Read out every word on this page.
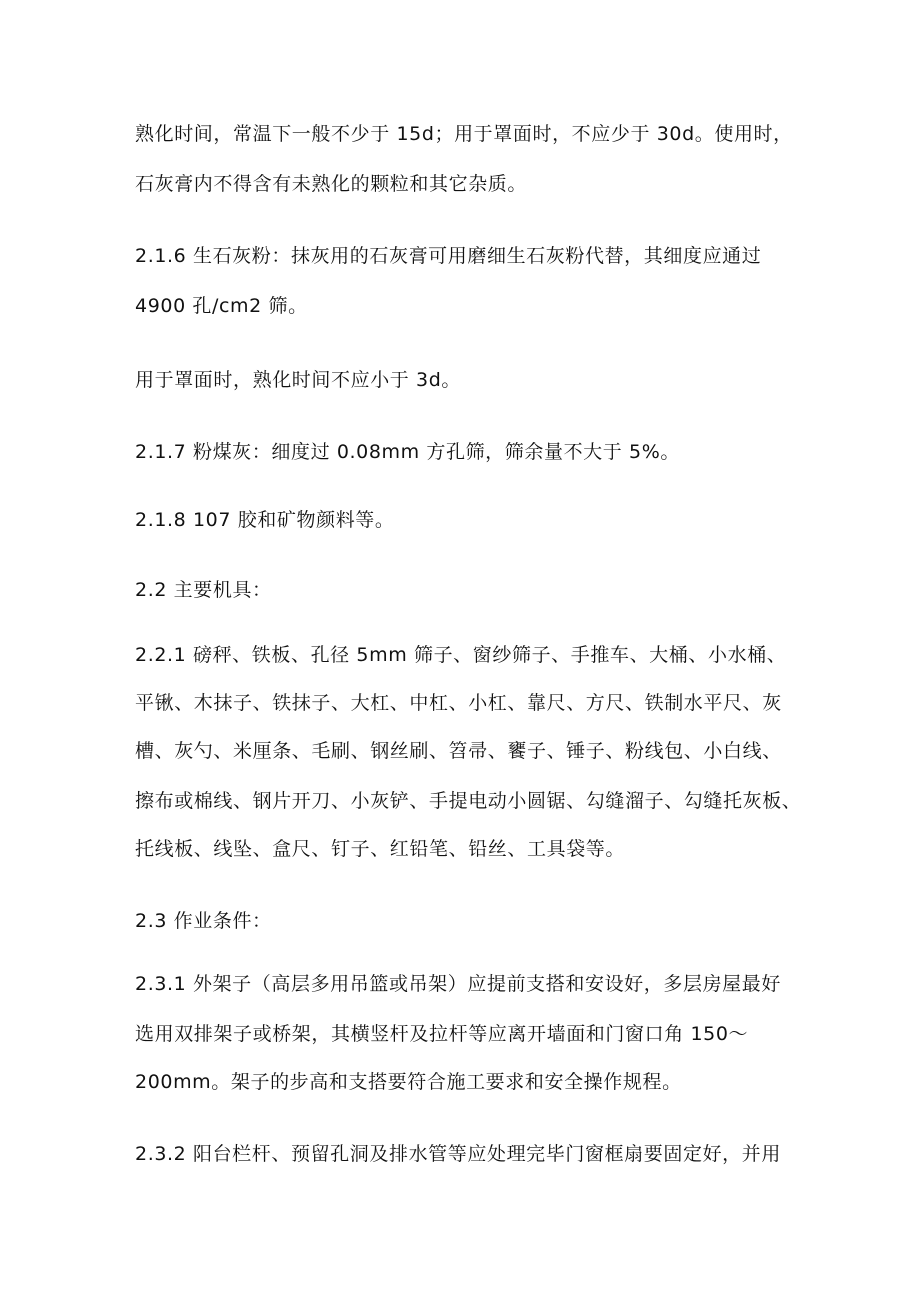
熟化时间，常温下一般不少于 15d；用于罩面时，不应少于 30d。使用时，
石灰膏内不得含有未熟化的颗粒和其它杂质。
2.1.6 生石灰粉：抹灰用的石灰膏可用磨细生石灰粉代替，其细度应通过
4900 孔/cm2 筛。
用于罩面时，熟化时间不应小于 3d。
2.1.7 粉煤灰：细度过 0.08mm 方孔筛，筛余量不大于 5%。
2.1.8 107 胶和矿物颜料等。
2.2 主要机具：
2.2.1 磅秤、铁板、孔径 5mm 筛子、窗纱筛子、手推车、大桶、小水桶、
平锹、木抹子、铁抹子、大杠、中杠、小杠、靠尺、方尺、铁制水平尺、灰
槽、灰勺、米厘条、毛刷、钢丝刷、笤帚、饔子、锤子、粉线包、小白线、
擦布或棉线、钢片开刀、小灰铲、手提电动小圆锯、勾缝溜子、勾缝托灰板、
托线板、线坠、盒尺、钉子、红铅笔、铅丝、工具袋等。
2.3 作业条件：
2.3.1 外架子（高层多用吊篮或吊架）应提前支搭和安设好，多层房屋最好
选用双排架子或桥架，其横竖杆及拉杆等应离开墙面和门窗口角 150～
200mm。架子的步高和支搭要符合施工要求和安全操作规程。
2.3.2 阳台栏杆、预留孔洞及排水管等应处理完毕门窗框扇要固定好，并用
